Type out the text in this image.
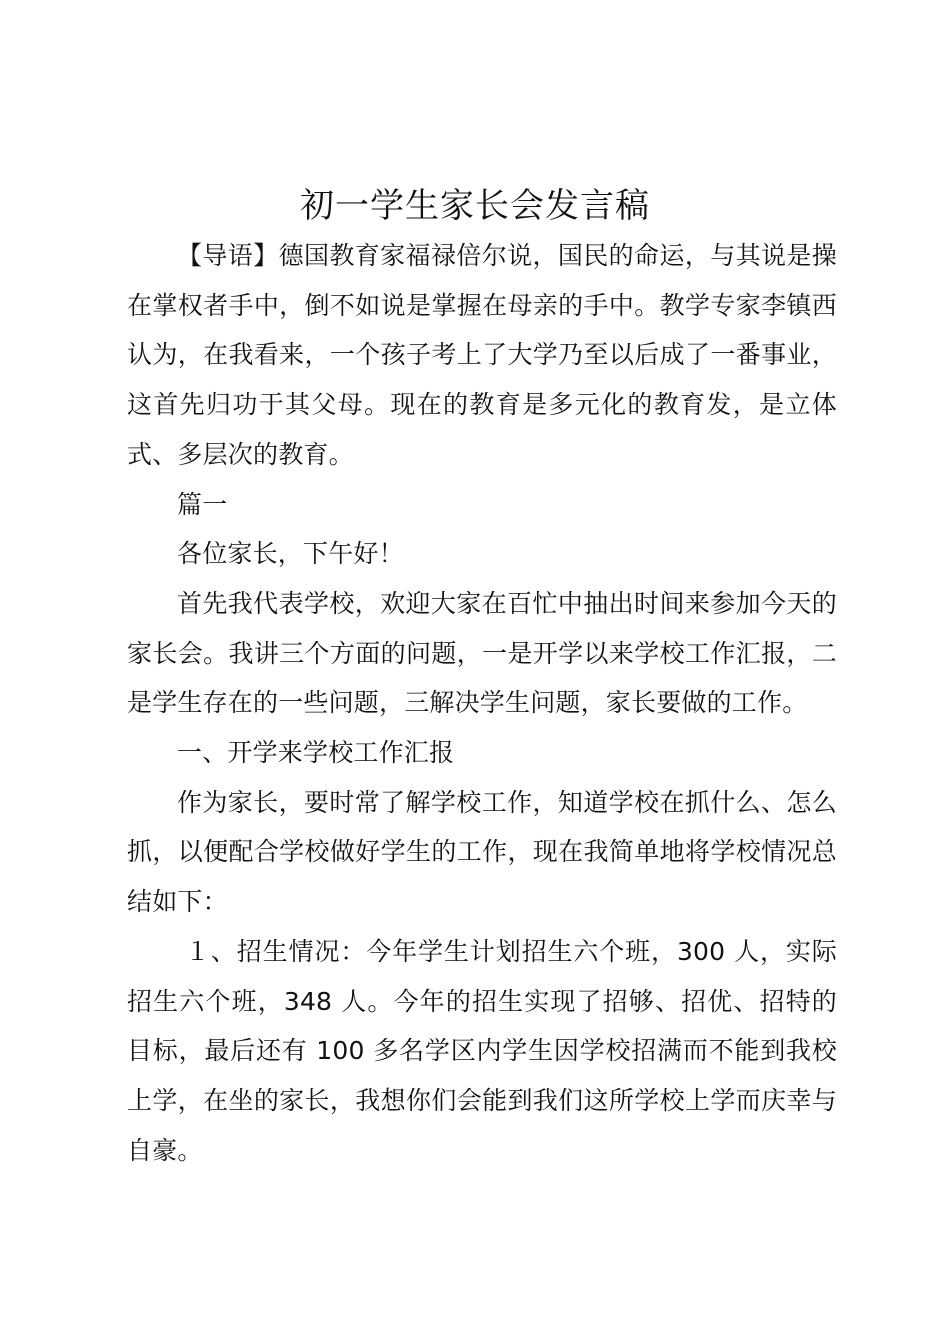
初一学生家长会发言稿

【导语】德国教育家福禄倍尔说，国民的命运，与其说是操在掌权者手中，倒不如说是掌握在母亲的手中。教学专家李镇西认为，在我看来，一个孩子考上了大学乃至以后成了一番事业，这首先归功于其父母。现在的教育是多元化的教育发，是立体式、多层次的教育。

篇一

各位家长，下午好！

首先我代表学校，欢迎大家在百忙中抽出时间来参加今天的家长会。我讲三个方面的问题，一是开学以来学校工作汇报，二是学生存在的一些问题，三解决学生问题，家长要做的工作。

一、开学来学校工作汇报

作为家长，要时常了解学校工作，知道学校在抓什么、怎么抓，以便配合学校做好学生的工作，现在我简单地将学校情况总结如下：

１、招生情况：今年学生计划招生六个班，300 人，实际招生六个班，348 人。今年的招生实现了招够、招优、招特的目标，最后还有 100 多名学区内学生因学校招满而不能到我校上学，在坐的家长，我想你们会能到我们这所学校上学而庆幸与自豪。
